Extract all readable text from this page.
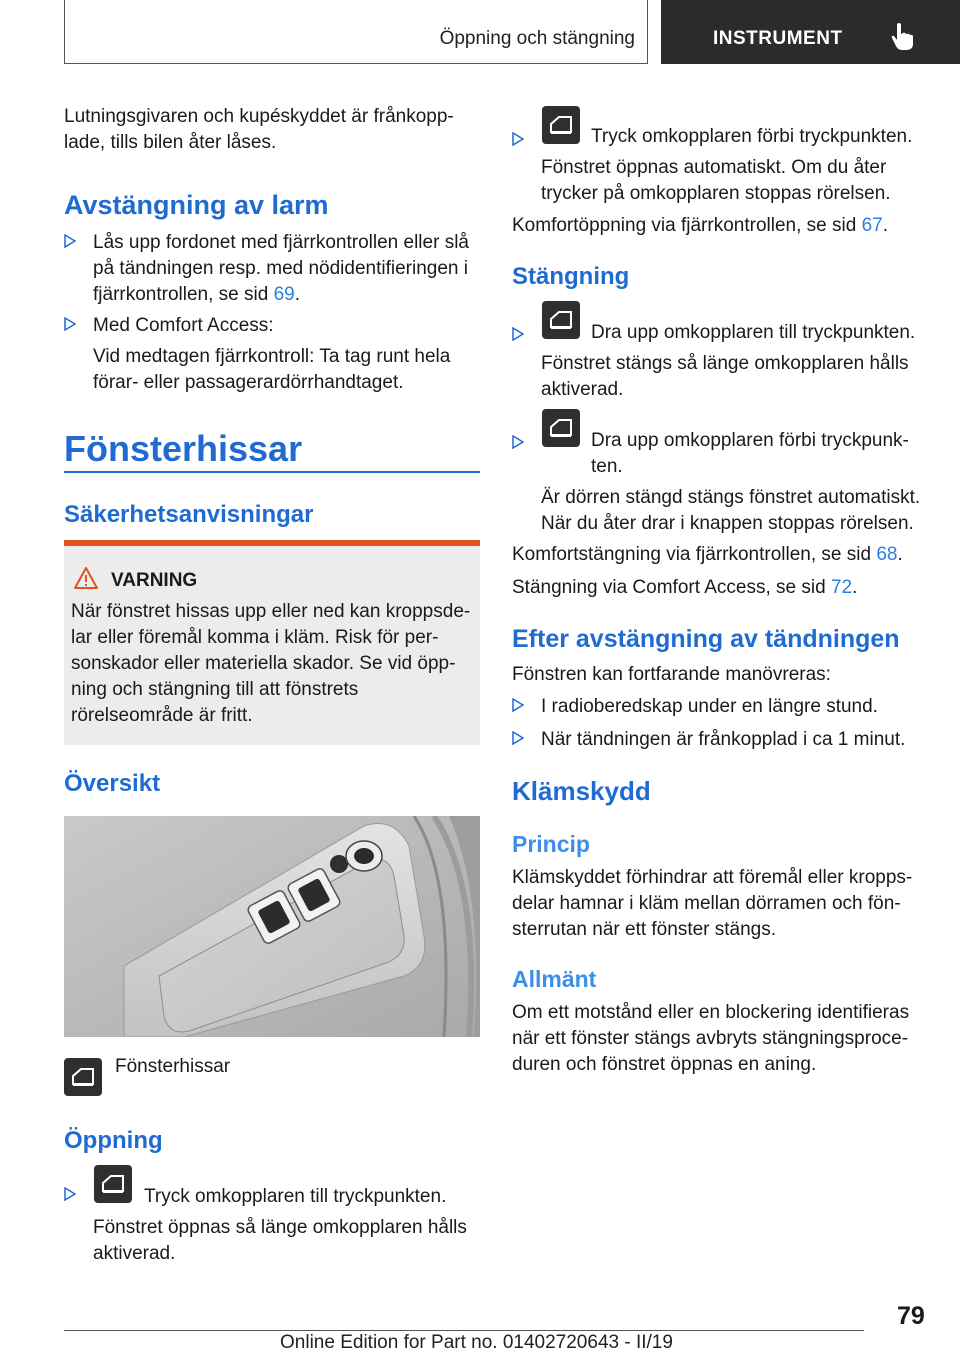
Öppning och stängning	INSTRUMENT

Lutningsgivaren och kupéskyddet är frånkopp-lade, tills bilen åter låses.

Avstängning av larm

Lås upp fordonet med fjärrkontrollen eller slå på tändningen resp. med nödidentifieringen i fjärrkontrollen, se sid 69.

Med Comfort Access:

Vid medtagen fjärrkontroll: Ta tag runt hela förar- eller passagerardörrhandtaget.

Fönsterhissar
Säkerhetsanvisningar
VARNING

När fönstret hissas upp eller ned kan kroppsde-lar eller föremål komma i kläm. Risk för per-sonskador eller materiella skador. Se vid öpp-ning och stängning till att fönstrets rörelseområde är fritt.

Översikt

Fönsterhissar

Öppning

Tryck omkopplaren till tryckpunkten.

Fönstret öppnas så länge omkopplaren hålls aktiverad.

Tryck omkopplaren förbi tryckpunkten.

Fönstret öppnas automatiskt. Om du åter trycker på omkopplaren stoppas rörelsen.

Komfortöppning via fjärrkontrollen, se sid 67.

Stängning

Dra upp omkopplaren till tryckpunkten.

Fönstret stängs så länge omkopplaren hålls aktiverad.

Dra upp omkopplaren förbi tryckpunk-ten.

Är dörren stängd stängs fönstret automatiskt. När du åter drar i knappen stoppas rörelsen.

Komfortstängning via fjärrkontrollen, se sid 68.

Stängning via Comfort Access, se sid 72.

Efter avstängning av tändningen

Fönstren kan fortfarande manövreras:

I radioberedskap under en längre stund.

När tändningen är frånkopplad i ca 1 minut.

Klämskydd
Princip

Klämskyddet förhindrar att föremål eller kropps-delar hamnar i kläm mellan dörramen och fön-sterrutan när ett fönster stängs.

Allmänt

Om ett motstånd eller en blockering identifieras när ett fönster stängs avbryts stängningsproce-duren och fönstret öppnas en aning.

79
Online Edition for Part no. 01402720643 - II/19
